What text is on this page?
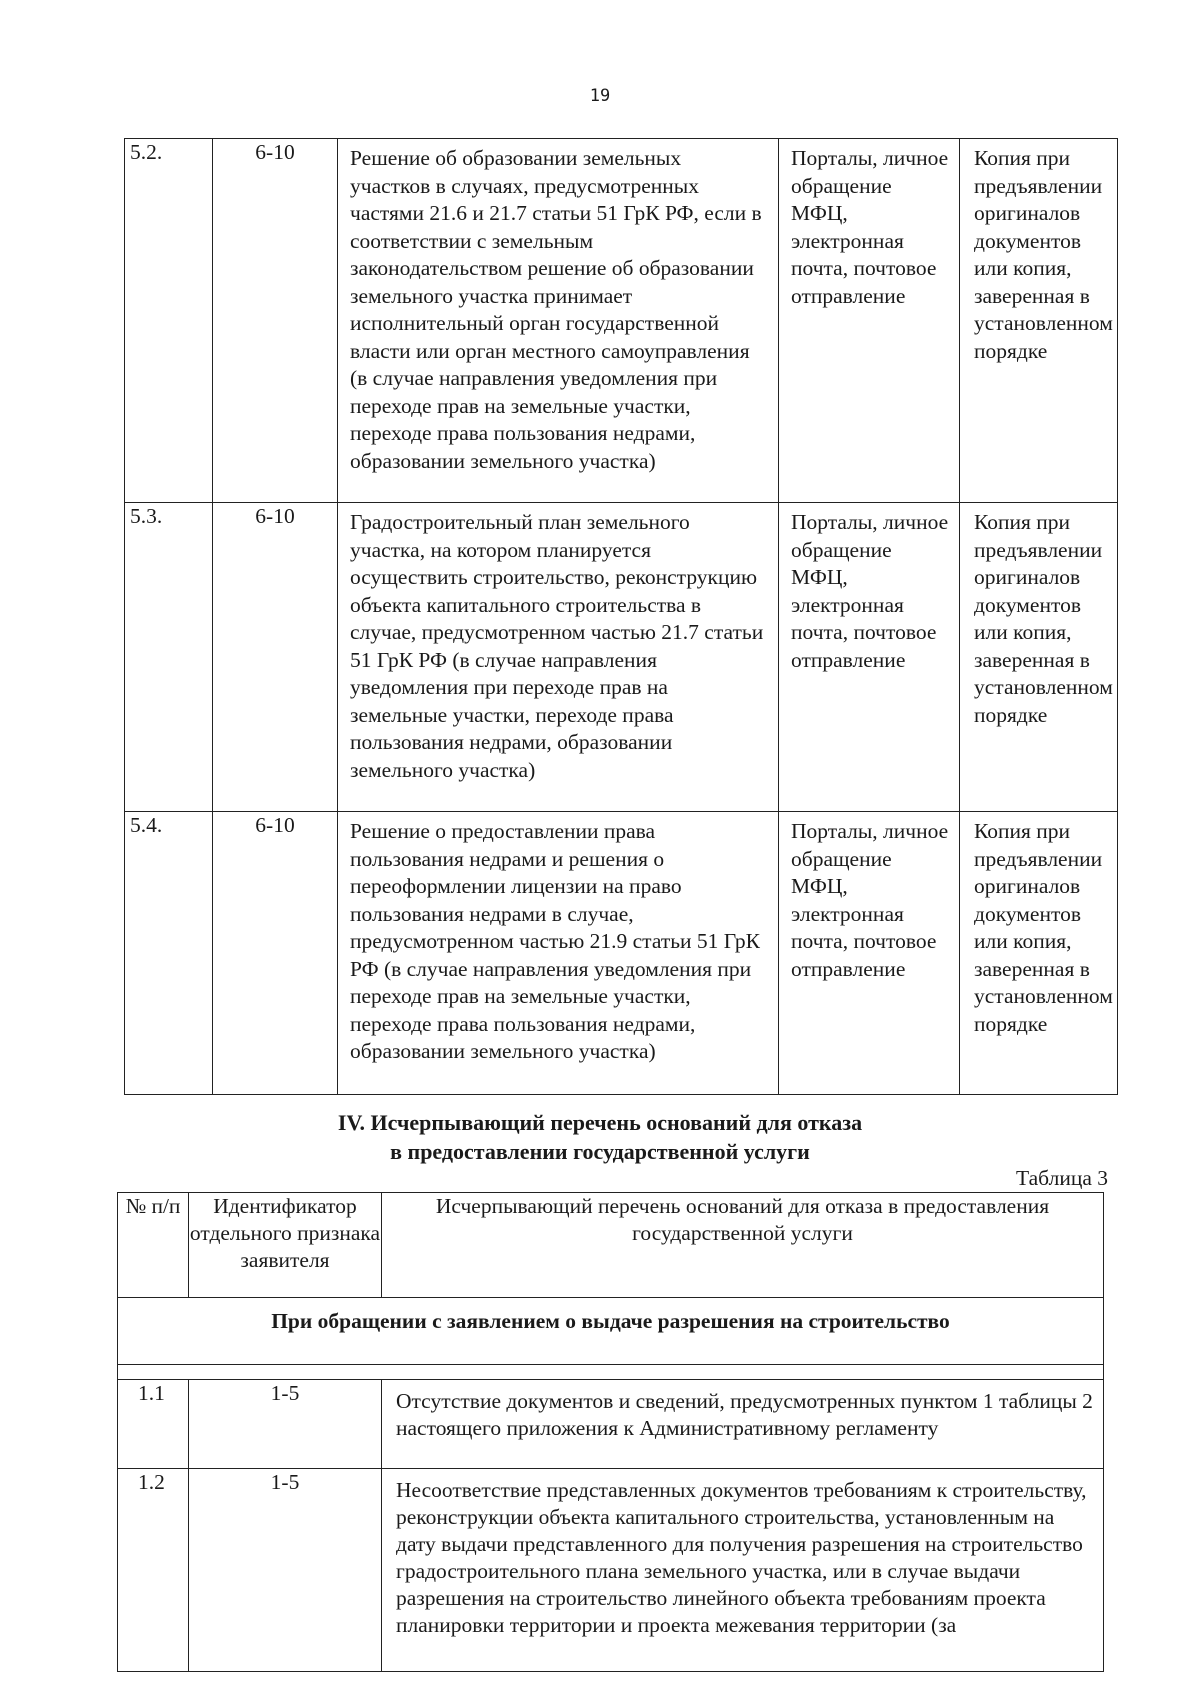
19
5.2.	6-10	Решение об образовании земельных участков в случаях, предусмотренных частями 21.6 и 21.7 статьи 51 ГрК РФ, если в соответствии с земельным законодательством решение об образовании земельного участка принимает исполнительный орган государственной власти или орган местного самоуправления (в случае направления уведомления при переходе прав на земельные участки, переходе права пользования недрами, образовании земельного участка)	Порталы, личное обращение МФЦ, электронная почта, почтовое отправление	Копия при предъявлении оригиналов документов или копия, заверенная в установленном порядке
5.3.	6-10	Градостроительный план земельного участка, на котором планируется осуществить строительство, реконструкцию объекта капитального строительства в случае, предусмотренном частью 21.7 статьи 51 ГрК РФ (в случае направления уведомления при переходе прав на земельные участки, переходе права пользования недрами, образовании земельного участка)	Порталы, личное обращение МФЦ, электронная почта, почтовое отправление	Копия при предъявлении оригиналов документов или копия, заверенная в установленном порядке
5.4.	6-10	Решение о предоставлении права пользования недрами и решения о переоформлении лицензии на право пользования недрами в случае, предусмотренном частью 21.9 статьи 51 ГрК РФ (в случае направления уведомления при переходе прав на земельные участки, переходе права пользования недрами, образовании земельного участка)	Порталы, личное обращение МФЦ, электронная почта, почтовое отправление	Копия при предъявлении оригиналов документов или копия, заверенная в установленном порядке
IV. Исчерпывающий перечень оснований для отказа
в предоставлении государственной услуги
Таблица 3
№ п/п	Идентификатор отдельного признака заявителя	Исчерпывающий перечень оснований для отказа в предоставления государственной услуги
При обращении с заявлением о выдаче разрешения на строительство		

1.1	1-5	Отсутствие документов и сведений, предусмотренных пунктом 1 таблицы 2 настоящего приложения к Административному регламенту
1.2	1-5	Несоответствие представленных документов требованиям к строительству, реконструкции объекта капитального строительства, установленным на дату выдачи представленного для получения разрешения на строительство градостроительного плана земельного участка, или в случае выдачи разрешения на строительство линейного объекта требованиям проекта планировки территории и проекта межевания территории (за
